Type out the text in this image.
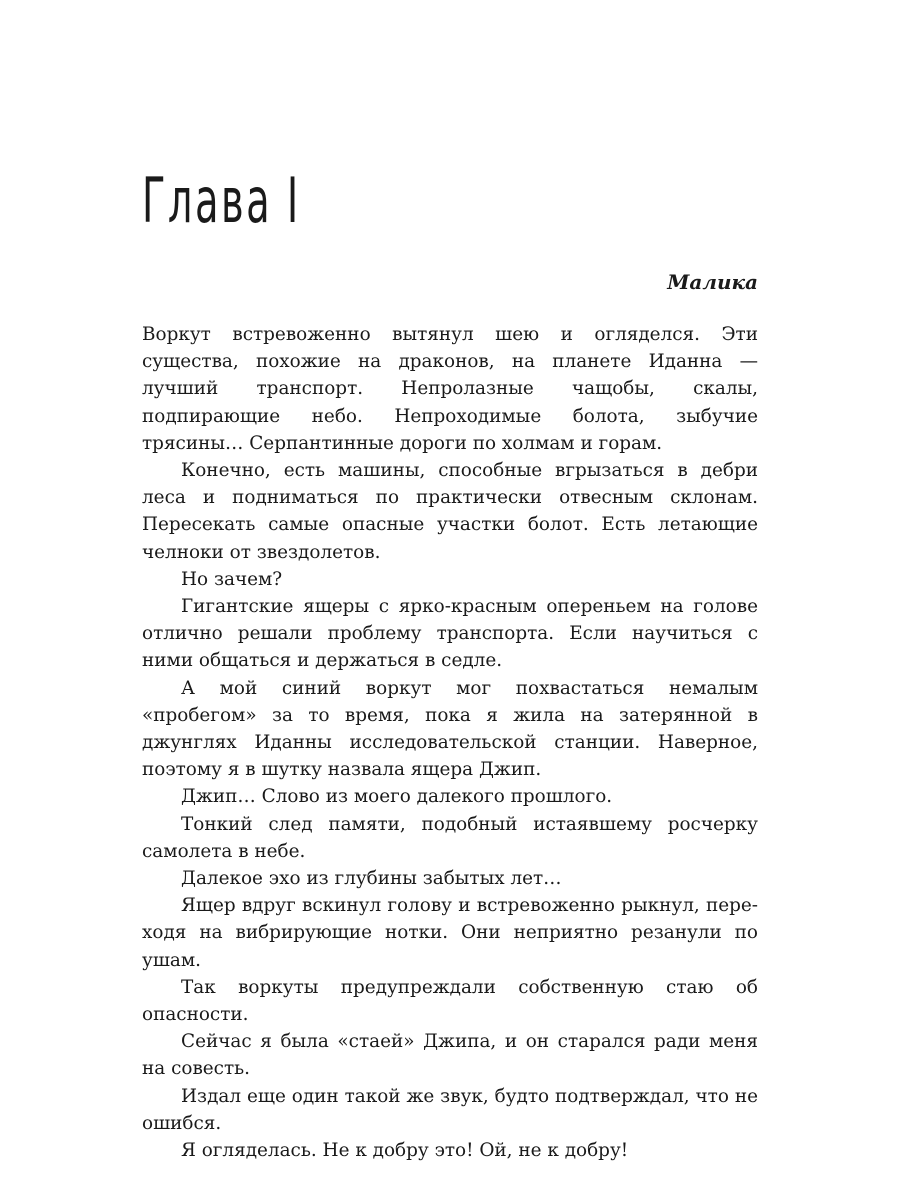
Глава I
Малика

Воркут встревоженно вытянул шею и огляделся. Эти существа, похожие на драконов, на планете Иданна — лучший транспорт. Непролазные чащобы, скалы, подпирающие небо. Непроходимые болота, зыбучие трясины… Серпантинные дороги по холмам и горам.

Конечно, есть машины, способные вгрызаться в дебри леса и подниматься по практически отвесным склонам. Пересекать самые опасные участки болот. Есть летающие челноки от звездолетов.

Но зачем?

Гигантские ящеры с ярко-красным опереньем на голове отлично решали проблему транспорта. Если научиться с ними общаться и держаться в седле.

А мой синий воркут мог похвастаться немалым «пробегом» за то время, пока я жила на затерянной в джунглях Иданны исследовательской станции. Наверное, поэтому я в шутку назвала ящера Джип.

Джип… Слово из моего далекого прошлого.

Тонкий след памяти, подобный истаявшему росчерку самолета в небе.

Далекое эхо из глубины забытых лет…

Ящер вдруг вскинул голову и встревоженно рыкнул, переходя на вибрирующие нотки. Они неприятно резанули по ушам.

Так воркуты предупреждали собственную стаю об опасности.

Сейчас я была «стаей» Джипа, и он старался ради меня на совесть.

Издал еще один такой же звук, будто подтверждал, что не ошибся.

Я огляделась. Не к добру это! Ой, не к добру!
